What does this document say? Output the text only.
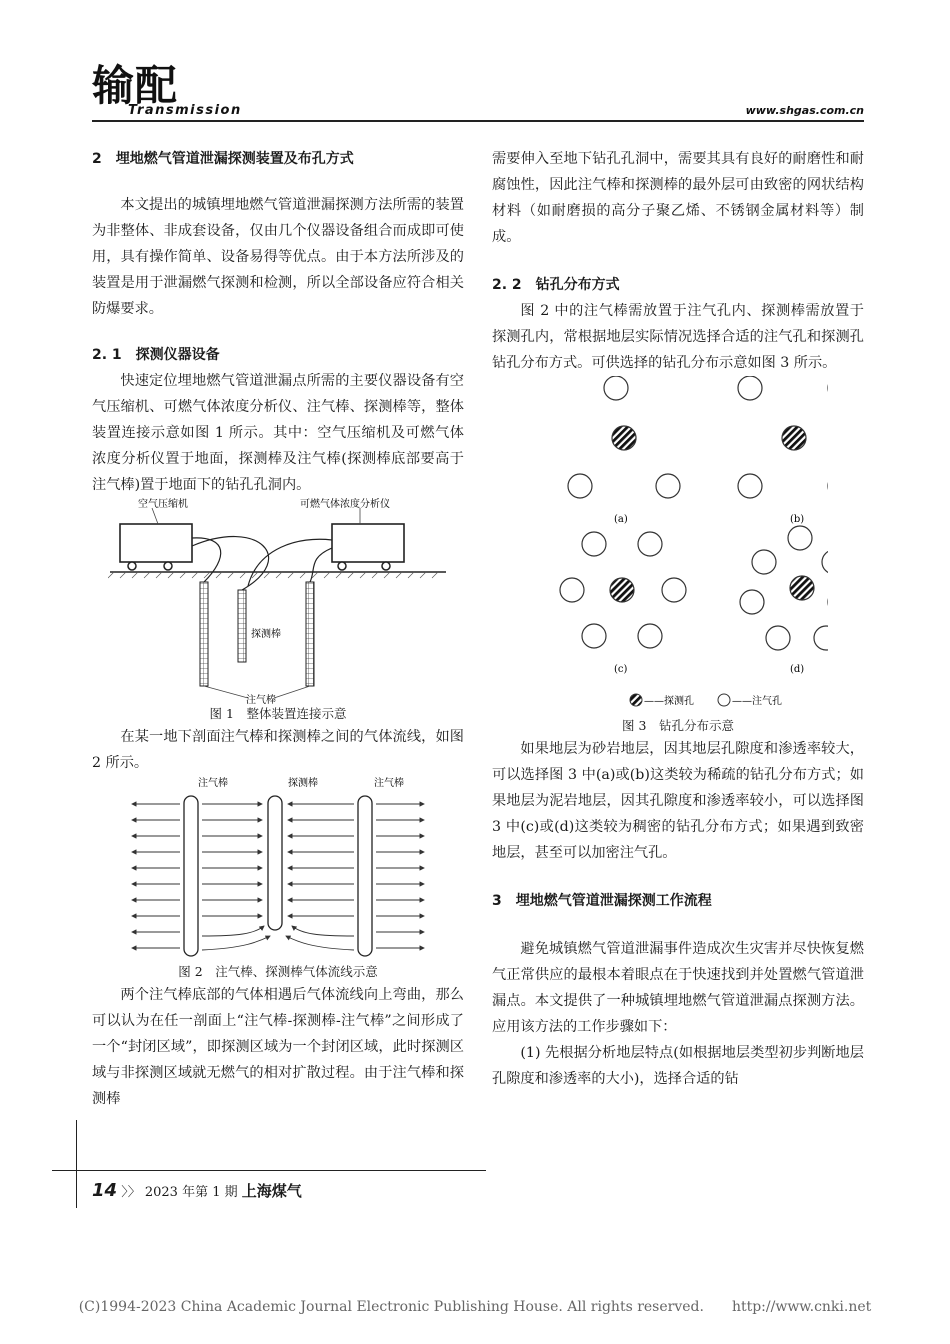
输配
Transmission	www.shgas.com.cn
2　埋地燃气管道泄漏探测装置及布孔方式

本文提出的城镇埋地燃气管道泄漏探测方法所需的装置为非整体、非成套设备，仅由几个仪器设备组合而成即可使用，具有操作简单、设备易得等优点。由于本方法所涉及的装置是用于泄漏燃气探测和检测，所以全部设备应符合相关防爆要求。

2. 1　探测仪器设备

快速定位埋地燃气管道泄漏点所需的主要仪器设备有空气压缩机、可燃气体浓度分析仪、注气棒、探测棒等，整体装置连接示意如图 1 所示。其中：空气压缩机及可燃气体浓度分析仪置于地面，探测棒及注气棒(探测棒底部要高于注气棒)置于地面下的钻孔孔洞内。

空气压缩机	可燃气体浓度分析仪
探测棒
注气棒
图 1　整体装置连接示意

在某一地下剖面注气棒和探测棒之间的气体流线，如图 2 所示。

注气棒	探测棒	注气棒
图 2　注气棒、探测棒气体流线示意

两个注气棒底部的气体相遇后气体流线向上弯曲，那么可以认为在任一剖面上“注气棒-探测棒-注气棒”之间形成了一个“封闭区域”，即探测区域为一个封闭区域，此时探测区域与非探测区域就无燃气的相对扩散过程。由于注气棒和探测棒

需要伸入至地下钻孔孔洞中，需要其具有良好的耐磨性和耐腐蚀性，因此注气棒和探测棒的最外层可由致密的网状结构材料（如耐磨损的高分子聚乙烯、不锈钢金属材料等）制成。

2. 2　钻孔分布方式

图 2 中的注气棒需放置于注气孔内、探测棒需放置于探测孔内，常根据地层实际情况选择合适的注气孔和探测孔钻孔分布方式。可供选择的钻孔分布示意如图 3 所示。

(a)	(b)
(c)	(d)
——探测孔	——注气孔
图 3　钻孔分布示意

如果地层为砂岩地层，因其地层孔隙度和渗透率较大，可以选择图 3 中(a)或(b)这类较为稀疏的钻孔分布方式；如果地层为泥岩地层，因其孔隙度和渗透率较小，可以选择图 3 中(c)或(d)这类较为稠密的钻孔分布方式；如果遇到致密地层，甚至可以加密注气孔。

3　埋地燃气管道泄漏探测工作流程

避免城镇燃气管道泄漏事件造成次生灾害并尽快恢复燃气正常供应的最根本着眼点在于快速找到并处置燃气管道泄漏点。本文提供了一种城镇埋地燃气管道泄漏点探测方法。应用该方法的工作步骤如下：

(1) 先根据分析地层特点(如根据地层类型初步判断地层孔隙度和渗透率的大小)，选择合适的钻

14 〉〉 2023 年第 1 期 上海煤气
(C)1994-2023 China Academic Journal Electronic Publishing House. All rights reserved.　　http://www.cnki.net
